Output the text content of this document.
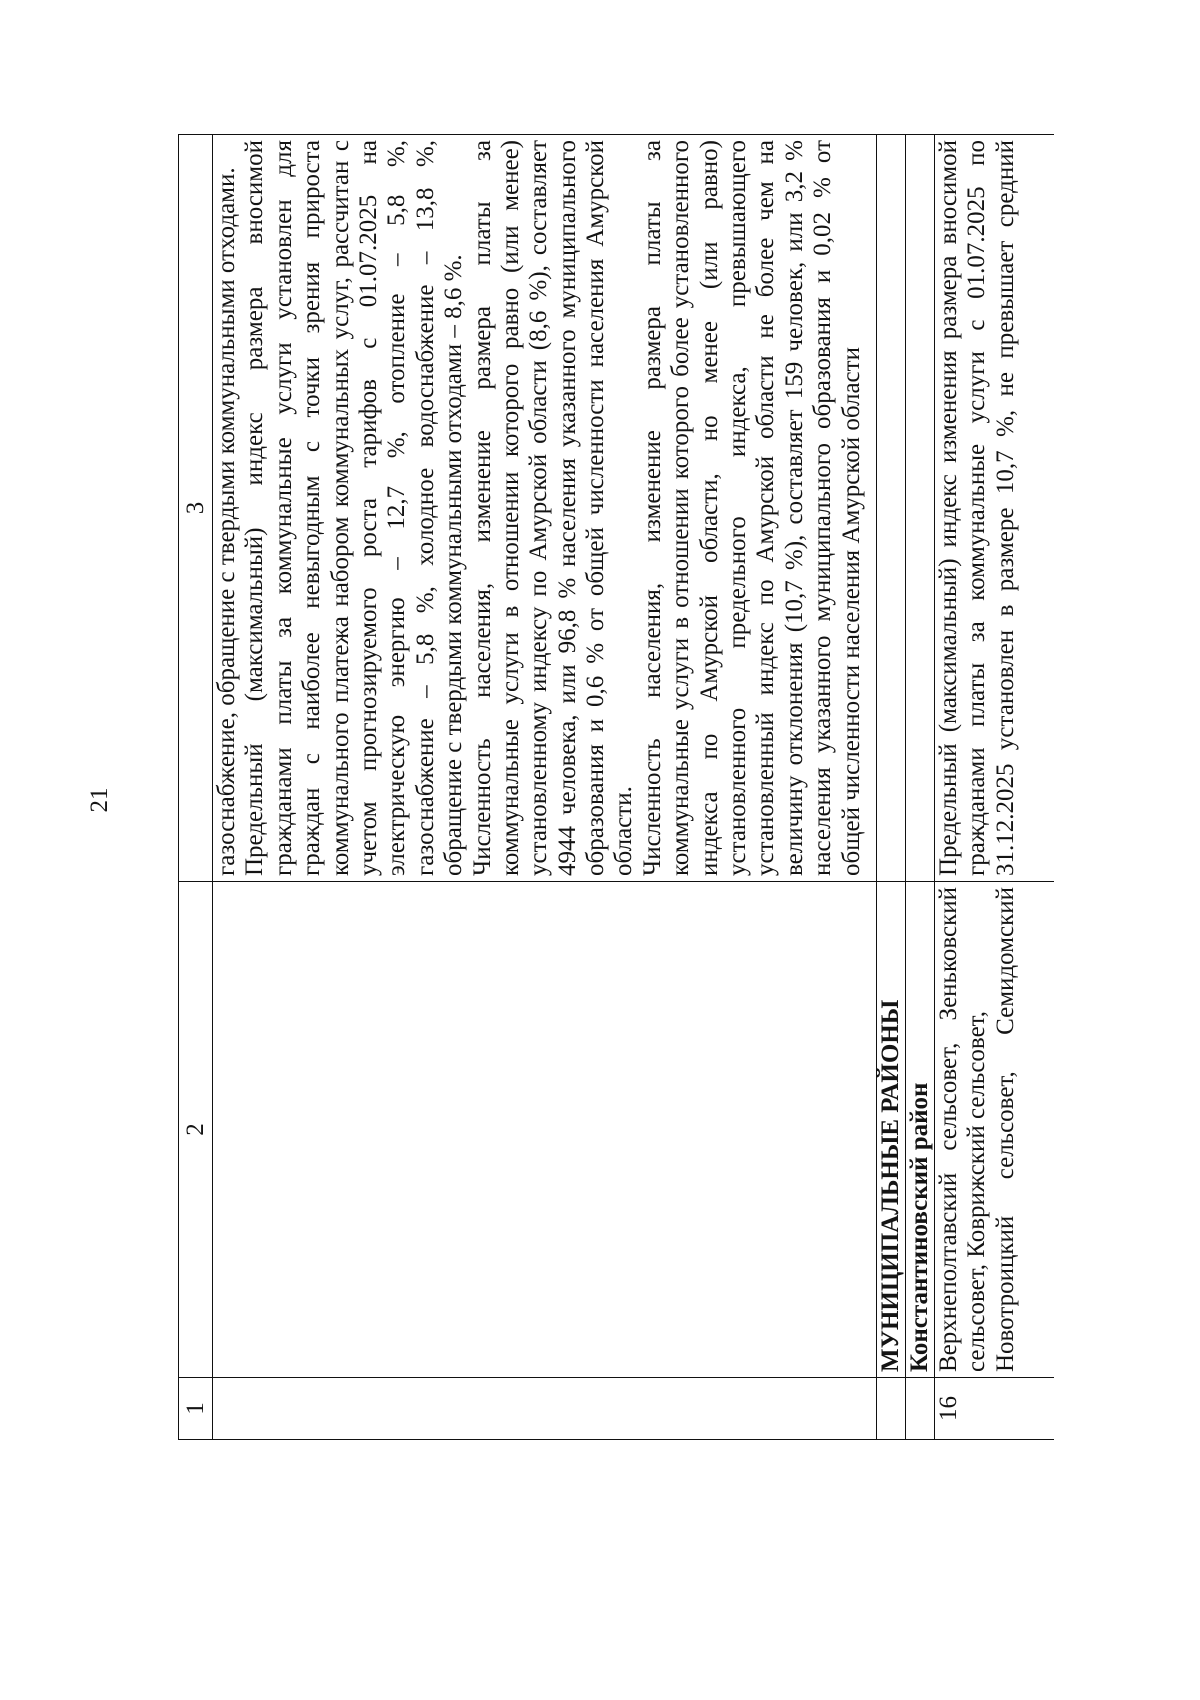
21
1
2
3 газоснабжение, обращение с твердыми коммунальными отходами. Предельный (максимальный) индекс размера вносимой гражданами платы за коммунальные услуги установлен для граждан с наиболее невыгодным с точки зрения прироста коммунального платежа набором коммунальных услуг, рассчитан с учетом прогнозируемого роста тарифов с 01.07.2025 на электрическую энергию – 12,7 %, отопление – 5,8 %, газоснабжение – 5,8 %, холодное водоснабжение – 13,8 %, обращение с твердыми коммунальными отходами – 8,6 %. Численность населения, изменение размера платы за коммунальные услуги в отношении которого равно (или менее) установленному индексу по Амурской области (8,6 %), составляет 4944 человека, или 96,8 % населения указанного муниципального образования и 0,6 % от общей численности населения Амурской области. Численность населения, изменение размера платы за коммунальные услуги в отношении которого более установленного индекса по Амурской области, но менее (или равно) установленного предельного индекса, превышающего установленный индекс по Амурской области не более чем на величину отклонения (10,7 %), составляет 159 человек, или 3,2 % населения указанного муниципального образования и 0,02 % от общей численности населения Амурской области
МУНИЦИПАЛЬНЫЕ РАЙОНЫ Константиновский район
16
Верхнеполтавский сельсовет, Зеньковский сельсовет, Коврижский сельсовет, Новотроицкий сельсовет, Семидомский
Предельный (максимальный) индекс изменения размера вносимой гражданами платы за коммунальные услуги с 01.07.2025 по 31.12.2025 установлен в размере 10,7 %, не превышает средний
